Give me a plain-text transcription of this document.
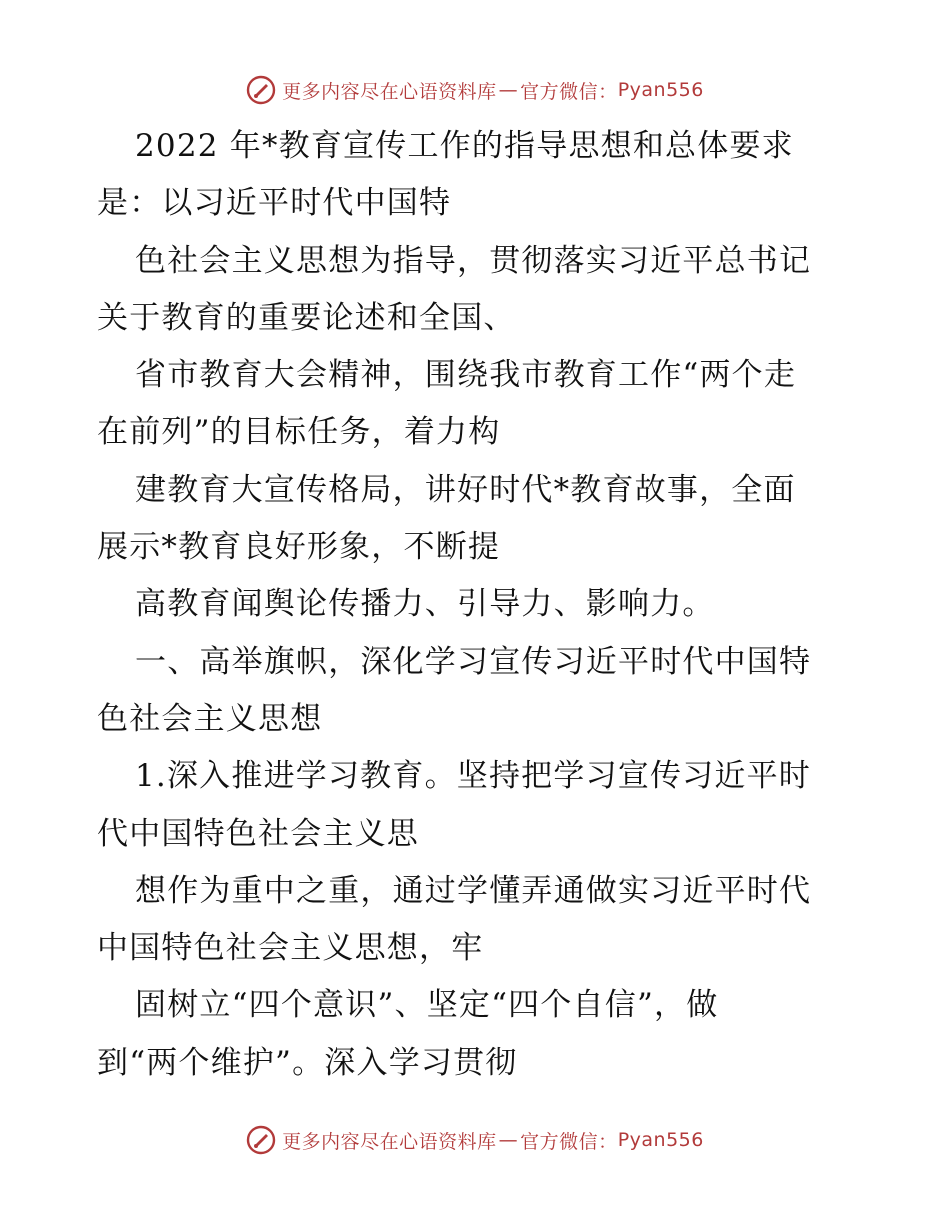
更多内容尽在心语资料库 — 官方微信： Pyan556
2022 年*教育宣传工作的指导思想和总体要求
是：以习近平时代中国特
色社会主义思想为指导，贯彻落实习近平总书记
关于教育的重要论述和全国、
省市教育大会精神，围绕我市教育工作“两个走
在前列”的目标任务，着力构
建教育大宣传格局，讲好时代*教育故事，全面
展示*教育良好形象，不断提
高教育闻舆论传播力、引导力、影响力。
一、高举旗帜，深化学习宣传习近平时代中国特
色社会主义思想
1.深入推进学习教育。坚持把学习宣传习近平时
代中国特色社会主义思
想作为重中之重，通过学懂弄通做实习近平时代
中国特色社会主义思想，牢
固树立“四个意识”、坚定“四个自信”，做
到“两个维护”。深入学习贯彻
更多内容尽在心语资料库 — 官方微信： Pyan556
